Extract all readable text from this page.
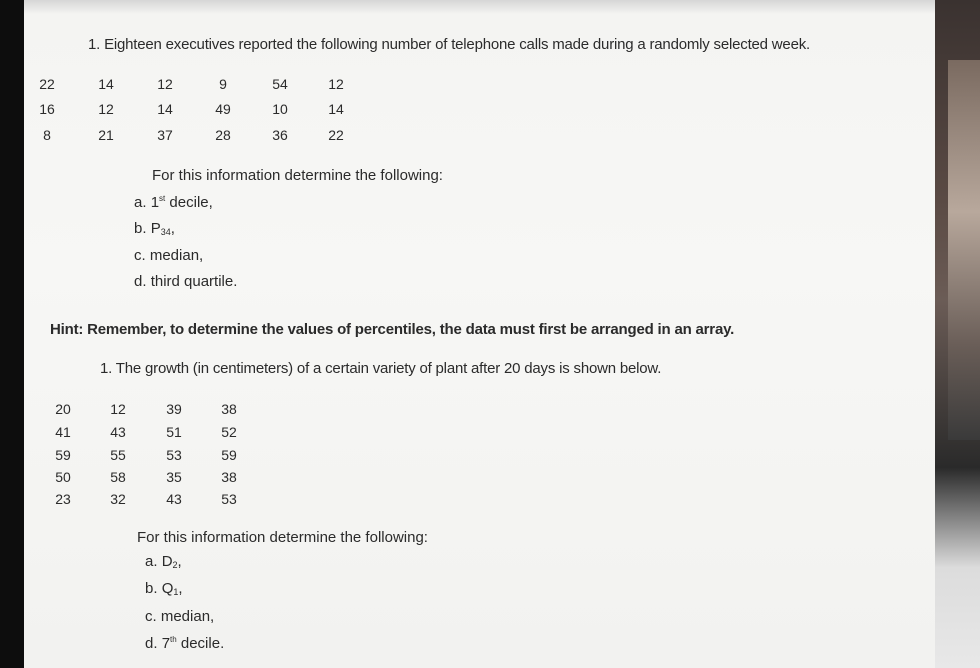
1. Eighteen executives reported the following number of telephone calls made during a randomly selected week.
22	14	12	9	54	12
16	12	14	49	10	14
8	21	37	28	36	22
For this information determine the following:
a. 1st decile,
b. P34,
c. median,
d. third quartile.
Hint: Remember, to determine the values of percentiles, the data must first be arranged in an array.
1. The growth (in centimeters) of a certain variety of plant after 20 days is shown below.
20	12	39	38
41	43	51	52
59	55	53	59
50	58	35	38
23	32	43	53
For this information determine the following:
a. D2,
b. Q1,
c. median,
d. 7th decile.
